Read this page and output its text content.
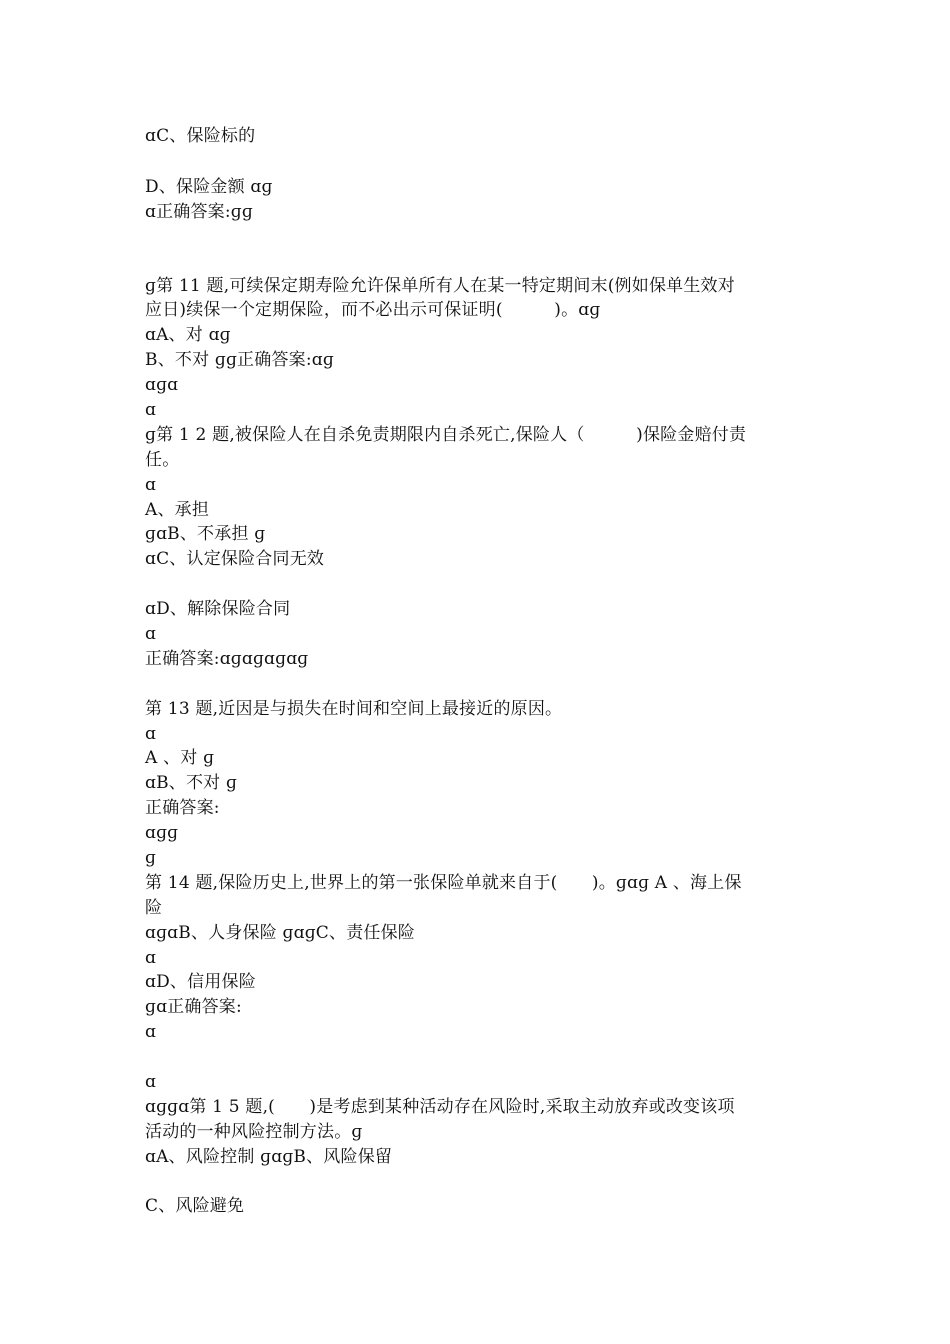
ɑC、保险标的
D、保险金额 ɑɡ
ɑ正确答案:ɡɡ
ɡ第 11 题,可续保定期寿险允许保单所有人在某一特定期间末(例如保单生效对
应日)续保一个定期保险，而不必出示可保证明(　　　)。ɑɡ
ɑA、对 ɑɡ
B、不对 ɡɡ正确答案:ɑɡ
ɑɡɑ
ɑ
ɡ第 1 2 题,被保险人在自杀免责期限内自杀死亡,保险人（　　　)保险金赔付责
任。
ɑ
A、承担
ɡɑB、不承担 ɡ
ɑC、认定保险合同无效
ɑD、解除保险合同
ɑ
正确答案:ɑɡɑɡɑɡɑɡ
第 13 题,近因是与损失在时间和空间上最接近的原因。
ɑ
A 、对 ɡ
ɑB、不对 ɡ
正确答案:
ɑɡɡ
ɡ
第 14 题,保险历史上,世界上的第一张保险单就来自于(　　)。ɡɑɡ A 、海上保
险
ɑɡɑB、人身保险 ɡɑɡC、责任保险
ɑ
ɑD、信用保险
ɡɑ正确答案:
ɑ
ɑ
ɑɡɡɑ第 1 5 题,(　　)是考虑到某种活动存在风险时,采取主动放弃或改变该项
活动的一种风险控制方法。ɡ
ɑA、风险控制 ɡɑɡB、风险保留
C、风险避免
